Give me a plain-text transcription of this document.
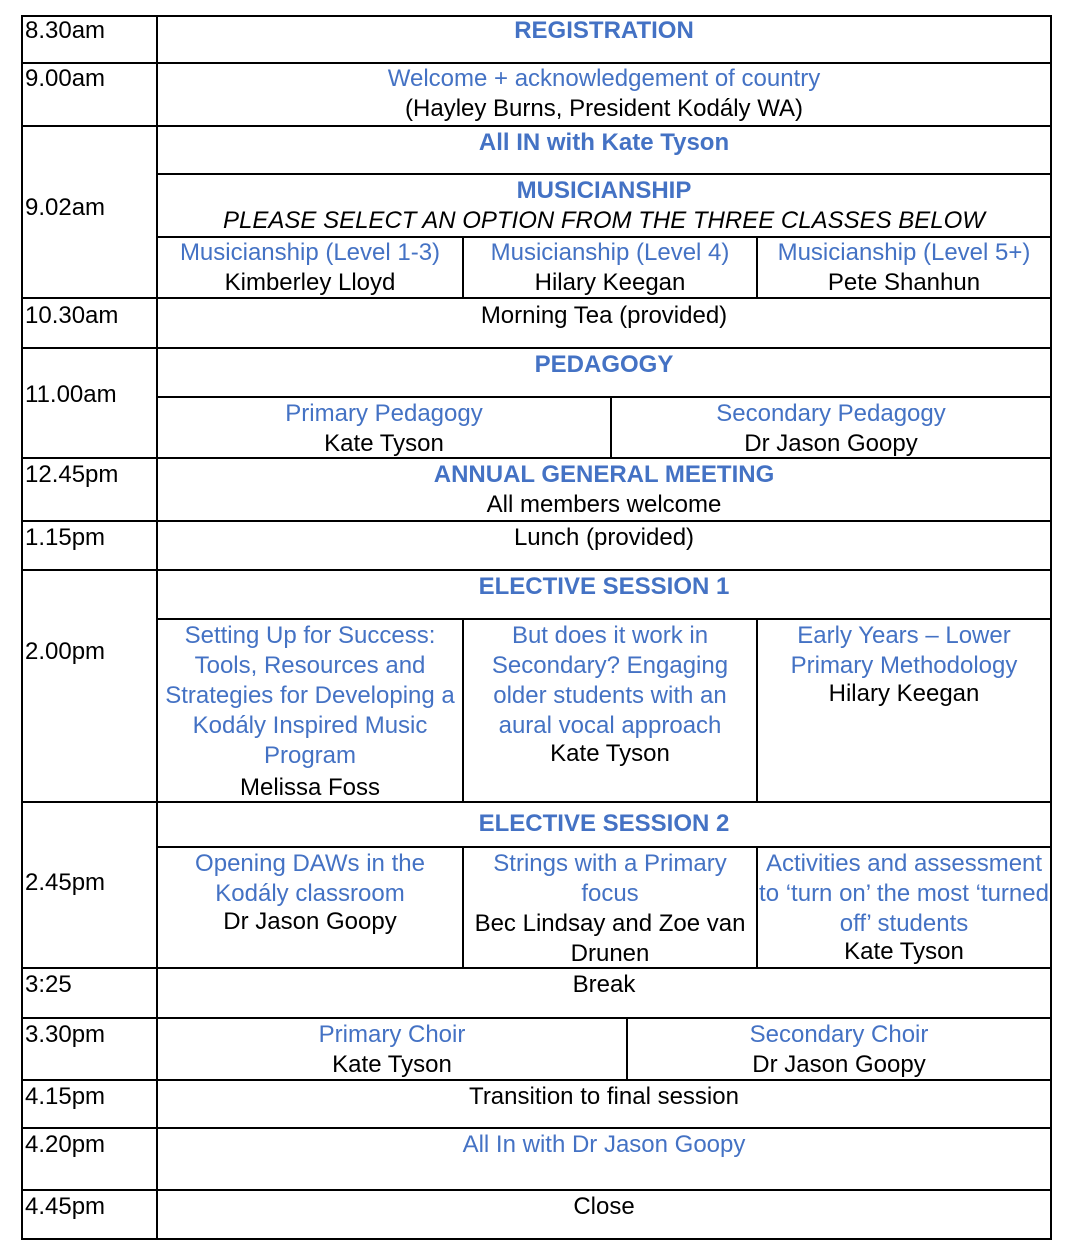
8.30am
9.00am
9.02am
10.30am
11.00am
12.45pm
1.15pm
2.00pm
2.45pm
3:25
3.30pm
4.15pm
4.20pm
4.45pm
REGISTRATION
Welcome + acknowledgement of country
(Hayley Burns, President Kodály WA)
All IN with Kate Tyson
MUSICIANSHIP
PLEASE SELECT AN OPTION FROM THE THREE CLASSES BELOW
Musicianship (Level 1-3)
Kimberley Lloyd
Musicianship (Level 4)
Hilary Keegan
Musicianship (Level 5+)
Pete Shanhun
Morning Tea (provided)
PEDAGOGY
Primary Pedagogy
Kate Tyson
Secondary Pedagogy
Dr Jason Goopy
ANNUAL GENERAL MEETING
All members welcome
Lunch (provided)
ELECTIVE SESSION 1
Setting Up for Success: Tools, Resources and Strategies for Developing a Kodály Inspired Music Program
Melissa Foss
But does it work in Secondary? Engaging older students with an aural vocal approach
Kate Tyson
Early Years – Lower Primary Methodology
Hilary Keegan
ELECTIVE SESSION 2
Opening DAWs in the Kodály classroom
Dr Jason Goopy
Strings with a Primary focus
Bec Lindsay and Zoe van Drunen
Activities and assessment to ‘turn on’ the most ‘turned off’ students
Kate Tyson
Break
Primary Choir
Kate Tyson
Secondary Choir
Dr Jason Goopy
Transition to final session
All In with Dr Jason Goopy
Close
